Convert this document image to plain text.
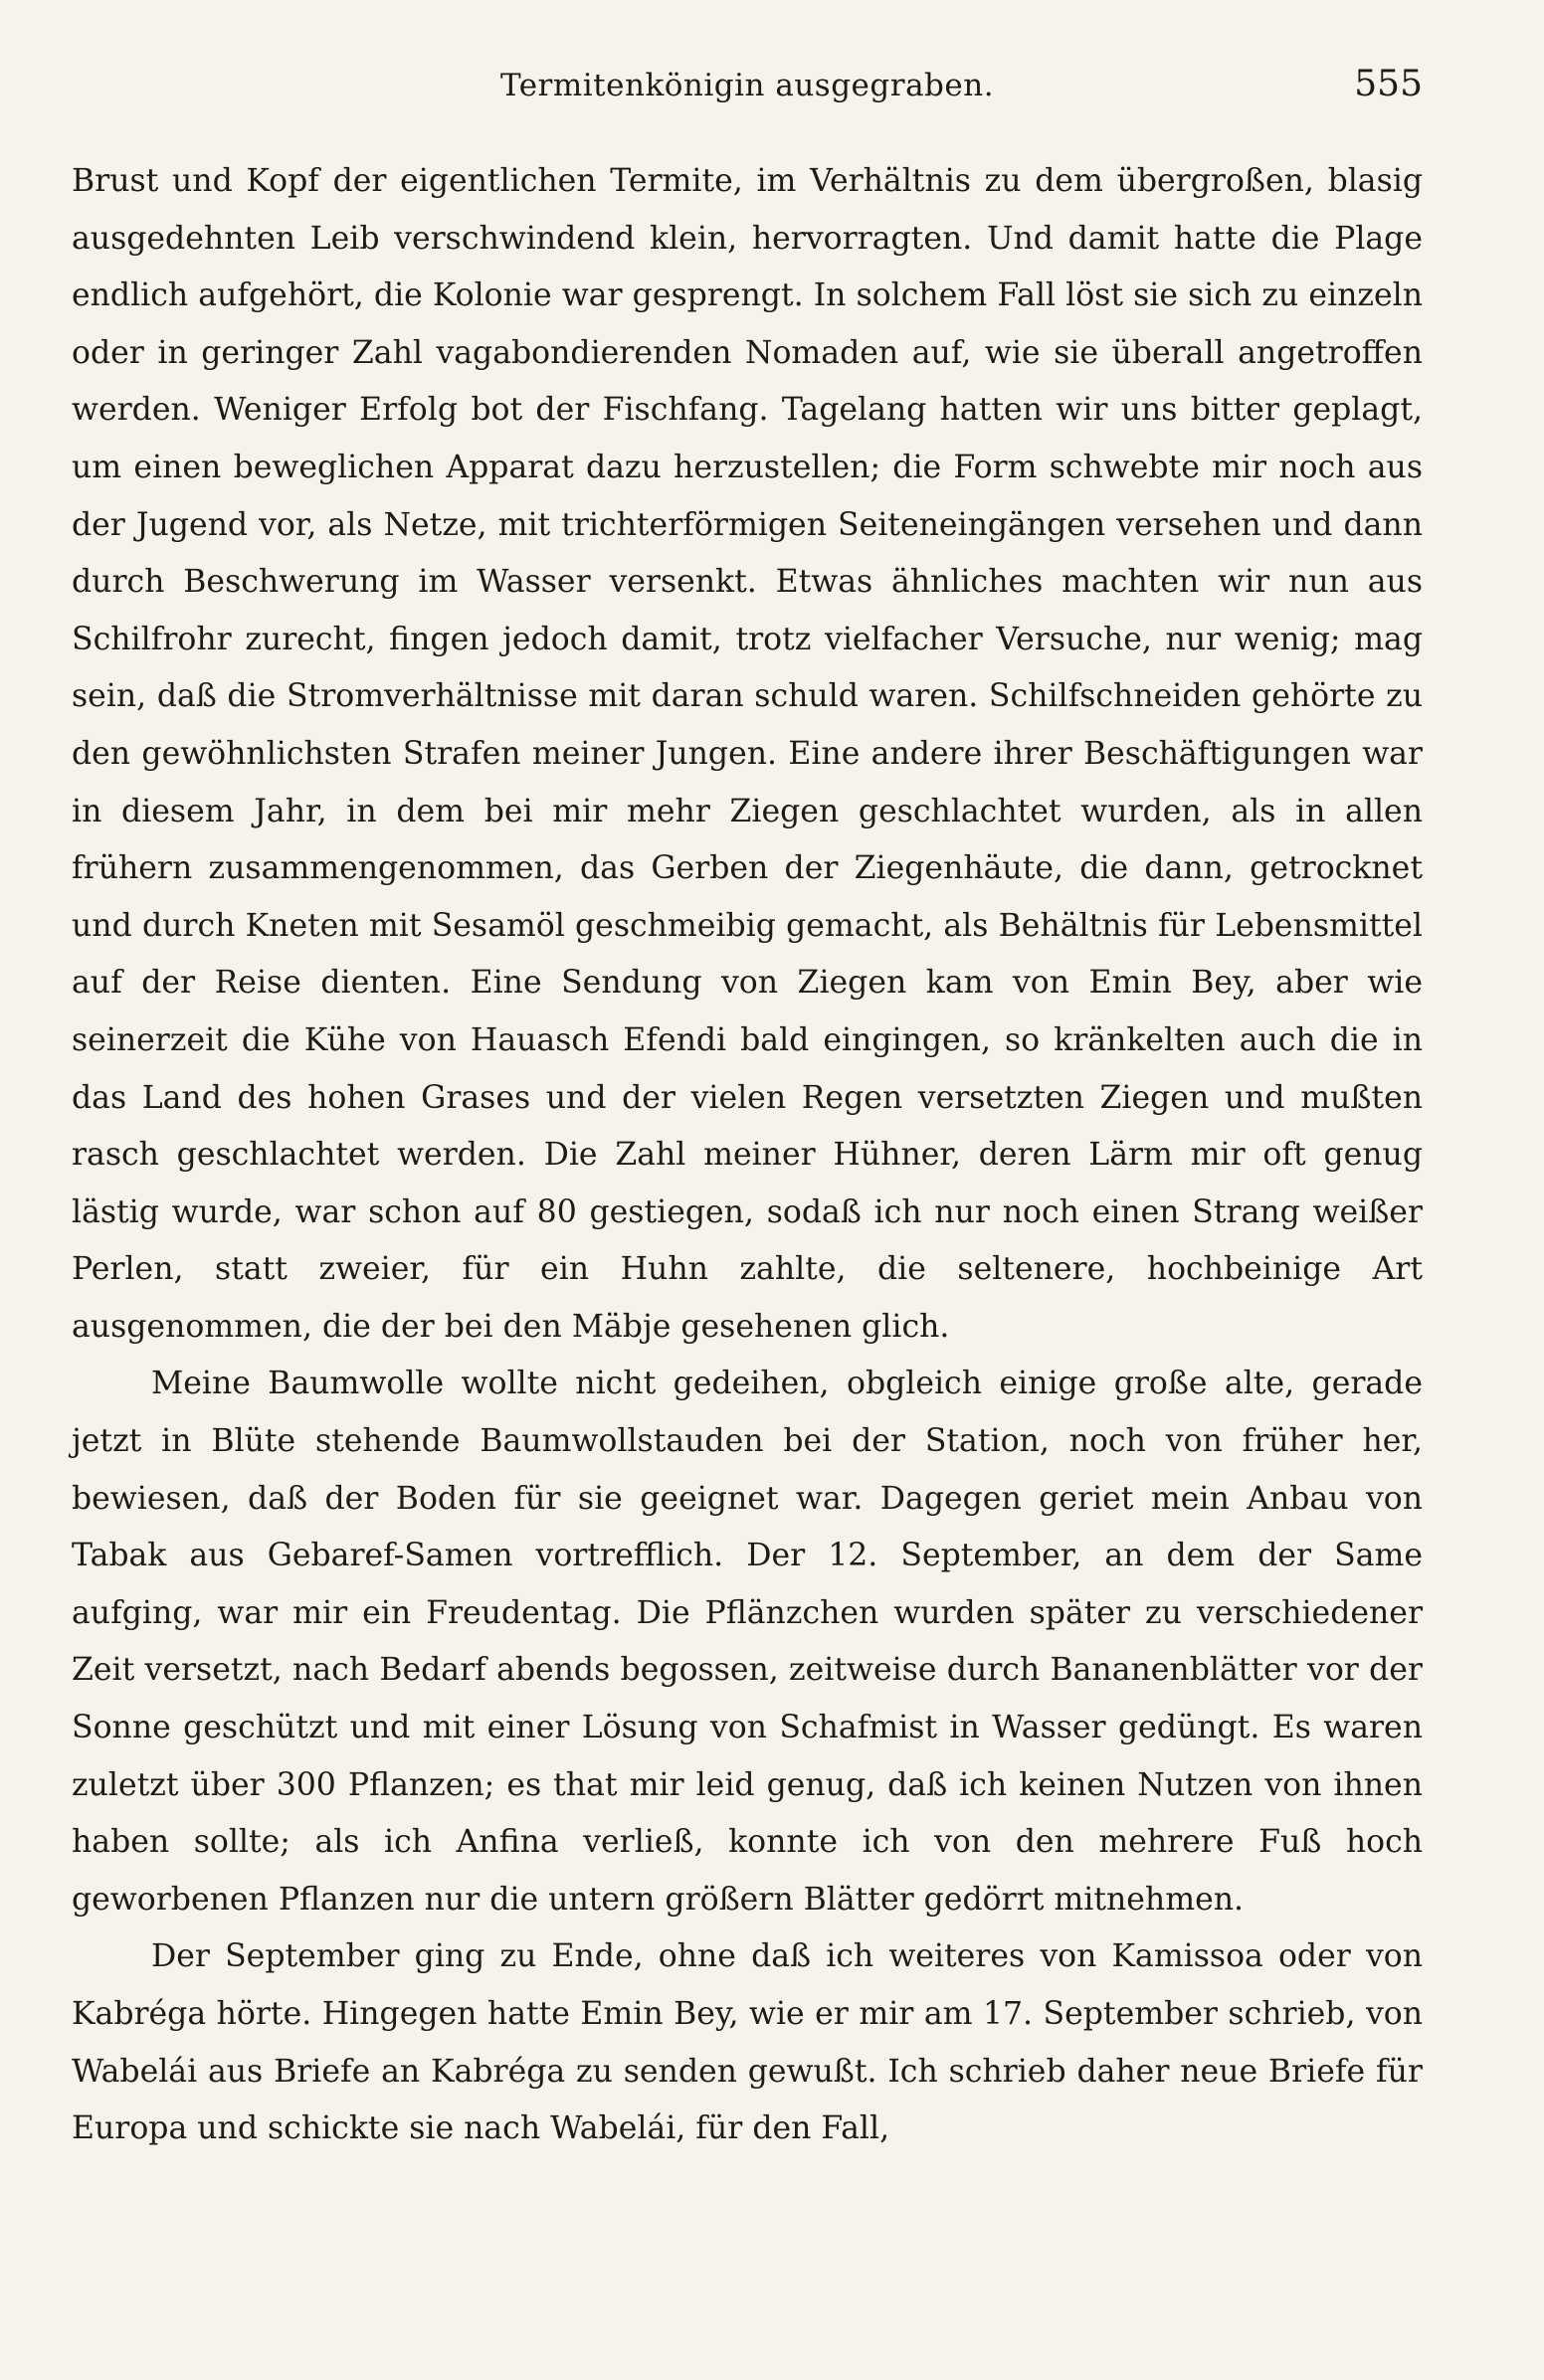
Termitenkönigin ausgegraben.	555

Brust und Kopf der eigentlichen Termite, im Verhältnis zu dem übergroßen, blasig ausgedehnten Leib verschwindend klein, hervorragten. Und damit hatte die Plage endlich aufgehört, die Kolonie war gesprengt. In solchem Fall löst sie sich zu einzeln oder in geringer Zahl vagabondierenden Nomaden auf, wie sie überall angetroffen werden. Weniger Erfolg bot der Fischfang. Tagelang hatten wir uns bitter geplagt, um einen beweglichen Apparat dazu herzustellen; die Form schwebte mir noch aus der Jugend vor, als Netze, mit trichterförmigen Seiteneingängen versehen und dann durch Beschwerung im Wasser versenkt. Etwas ähnliches machten wir nun aus Schilfrohr zurecht, fingen jedoch damit, trotz vielfacher Versuche, nur wenig; mag sein, daß die Stromverhältnisse mit daran schuld waren. Schilfschneiden gehörte zu den gewöhnlichsten Strafen meiner Jungen. Eine andere ihrer Beschäftigungen war in diesem Jahr, in dem bei mir mehr Ziegen geschlachtet wurden, als in allen frühern zusammengenommen, das Gerben der Ziegenhäute, die dann, getrocknet und durch Kneten mit Sesamöl geschmeibig gemacht, als Behältnis für Lebensmittel auf der Reise dienten. Eine Sendung von Ziegen kam von Emin Bey, aber wie seinerzeit die Kühe von Hauasch Efendi bald eingingen, so kränkelten auch die in das Land des hohen Grases und der vielen Regen versetzten Ziegen und mußten rasch geschlachtet werden. Die Zahl meiner Hühner, deren Lärm mir oft genug lästig wurde, war schon auf 80 gestiegen, sodaß ich nur noch einen Strang weißer Perlen, statt zweier, für ein Huhn zahlte, die seltenere, hochbeinige Art ausgenommen, die der bei den Mäbje gesehenen glich.

Meine Baumwolle wollte nicht gedeihen, obgleich einige große alte, gerade jetzt in Blüte stehende Baumwollstauden bei der Station, noch von früher her, bewiesen, daß der Boden für sie geeignet war. Dagegen geriet mein Anbau von Tabak aus Gebaref-Samen vortrefflich. Der 12. September, an dem der Same aufging, war mir ein Freudentag. Die Pflänzchen wurden später zu verschiedener Zeit versetzt, nach Bedarf abends begossen, zeitweise durch Bananenblätter vor der Sonne geschützt und mit einer Lösung von Schafmist in Wasser gedüngt. Es waren zuletzt über 300 Pflanzen; es that mir leid genug, daß ich keinen Nutzen von ihnen haben sollte; als ich Anfina verließ, konnte ich von den mehrere Fuß hoch geworbenen Pflanzen nur die untern größern Blätter gedörrt mitnehmen.

Der September ging zu Ende, ohne daß ich weiteres von Kamissoa oder von Kabréga hörte. Hingegen hatte Emin Bey, wie er mir am 17. September schrieb, von Wabelái aus Briefe an Kabréga zu senden gewußt. Ich schrieb daher neue Briefe für Europa und schickte sie nach Wabelái, für den Fall,
